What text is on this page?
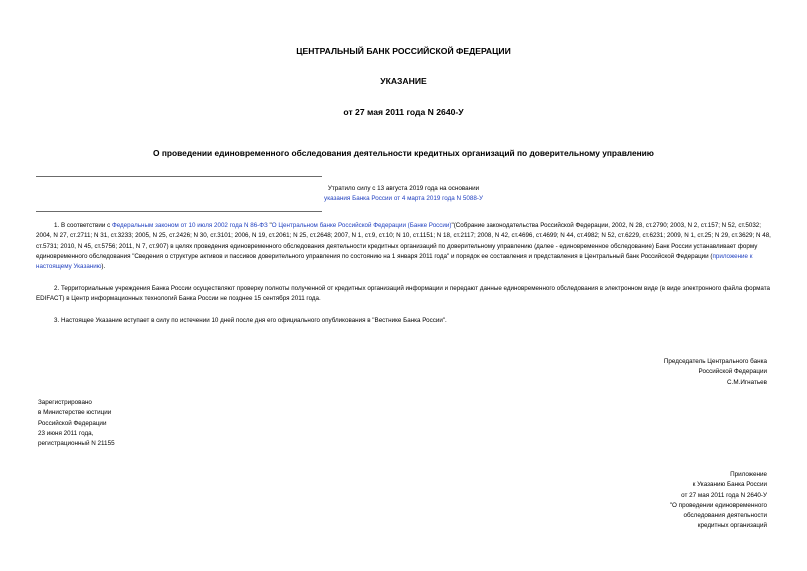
ЦЕНТРАЛЬНЫЙ БАНК РОССИЙСКОЙ ФЕДЕРАЦИИ
УКАЗАНИЕ
от 27 мая 2011 года N 2640-У
О проведении единовременного обследования деятельности кредитных организаций по доверительному управлению
Утратило силу с 13 августа 2019 года на основании
указания Банка России от 4 марта 2019 года N 5088-У
1. В соответствии с Федеральным законом от 10 июля 2002 года N 86-ФЗ "О Центральном банке Российской Федерации (Банке России)"(Собрание законодательства Российской Федерации, 2002, N 28, ст.2790; 2003, N 2, ст.157; N 52, ст.5032; 2004, N 27, ст.2711; N 31, ст.3233; 2005, N 25, ст.2426; N 30, ст.3101; 2006, N 19, ст.2061; N 25, ст.2648; 2007, N 1, ст.9, ст.10; N 10, ст.1151; N 18, ст.2117; 2008, N 42, ст.4696, ст.4699; N 44, ст.4982; N 52, ст.6229, ст.6231; 2009, N 1, ст.25; N 29, ст.3629; N 48, ст.5731; 2010, N 45, ст.5756; 2011, N 7, ст.907) в целях проведения единовременного обследования деятельности кредитных организаций по доверительному управлению (далее - единовременное обследование) Банк России устанавливает форму единовременного обследования "Сведения о структуре активов и пассивов доверительного управления по состоянию на 1 января 2011 года" и порядок ее составления и представления в Центральный банк Российской Федерации (приложение к настоящему Указанию).
2. Территориальные учреждения Банка России осуществляют проверку полноты полученной от кредитных организаций информации и передают данные единовременного обследования в электронном виде (в виде электронного файла формата EDIFACT) в Центр информационных технологий Банка России не позднее 15 сентября 2011 года.
3. Настоящее Указание вступает в силу по истечении 10 дней после дня его официального опубликования в "Вестнике Банка России".
Председатель Центрального банка
Российской Федерации
С.М.Игнатьев
Зарегистрировано
в Министерстве юстиции
Российской Федерации
23 июня 2011 года,
регистрационный N 21155
Приложение
к Указанию Банка России
от 27 мая 2011 года N 2640-У
"О проведении единовременного
обследования деятельности
кредитных организаций
